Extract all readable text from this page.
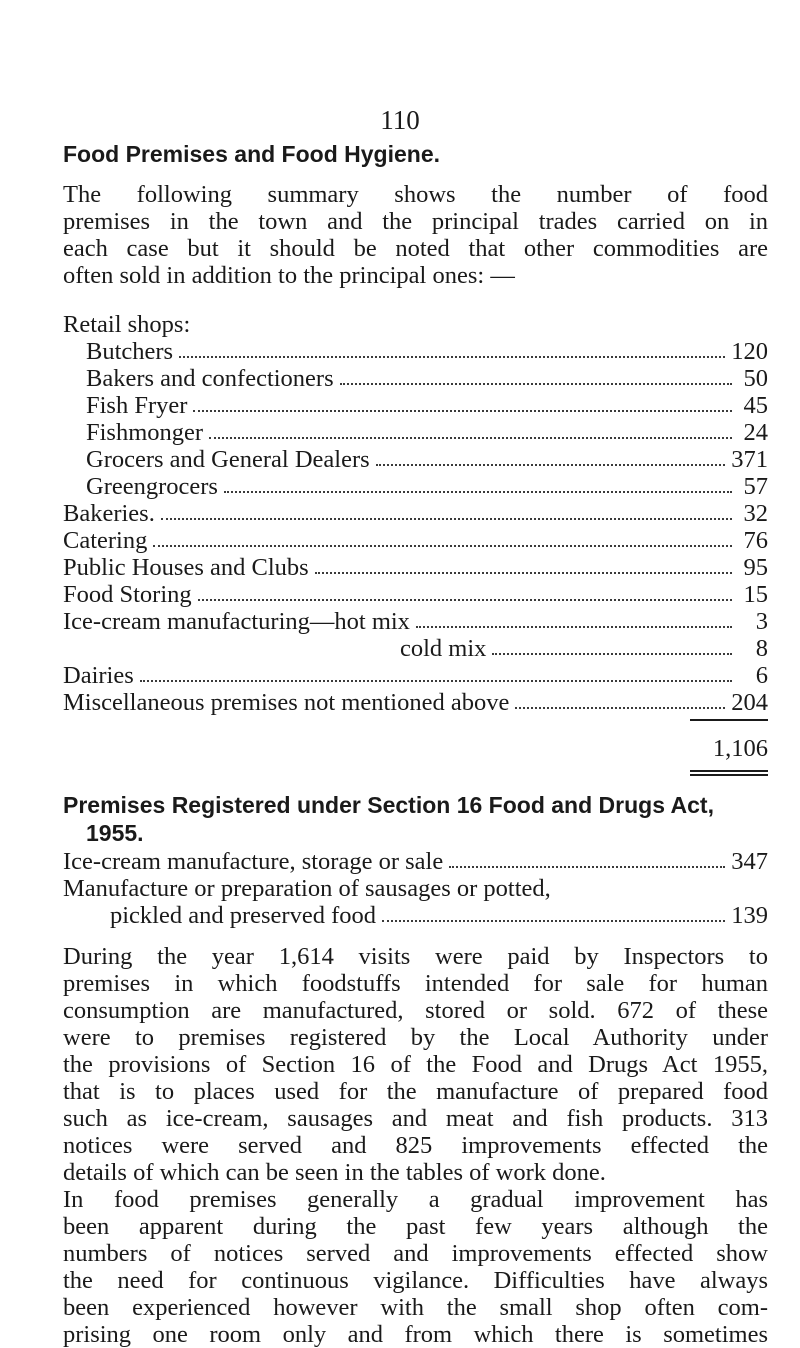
110
Food Premises and Food Hygiene.
The following summary shows the number of food
premises in the town and the principal trades carried on in
each case but it should be noted that other commodities are
often sold in addition to the principal ones: —
Retail shops:
Butchers	120
Bakers and confectioners	50
Fish Fryer	45
Fishmonger	24
Grocers and General Dealers	371
Greengrocers	57
Bakeries.	32
Catering	76
Public Houses and Clubs	95
Food Storing	15
Ice-cream manufacturing—hot mix	3
cold mix	8
Dairies	6
Miscellaneous premises not mentioned above	204
1,106
Premises Registered under Section 16 Food and Drugs Act,
1955.
Ice-cream manufacture, storage or sale	347
Manufacture or preparation of sausages or potted,
pickled and preserved food	139
During the year 1,614 visits were paid by Inspectors to
premises in which foodstuffs intended for sale for human
consumption are manufactured, stored or sold. 672 of these
were to premises registered by the Local Authority under
the provisions of Section 16 of the Food and Drugs Act 1955,
that is to places used for the manufacture of prepared food
such as ice-cream, sausages and meat and fish products. 313
notices were served and 825 improvements effected the
details of which can be seen in the tables of work done.
In food premises generally a gradual improvement has
been apparent during the past few years although the
numbers of notices served and improvements effected show
the need for continuous vigilance. Difficulties have always
been experienced however with the small shop often com-
prising one room only and from which there is sometimes
